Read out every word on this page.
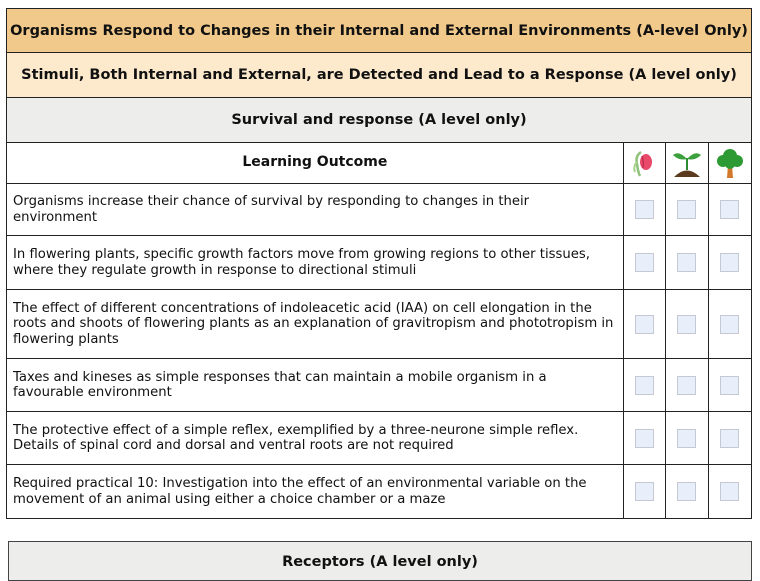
Organisms Respond to Changes in their Internal and External Environments (A-level Only)
Stimuli, Both Internal and External, are Detected and Lead to a Response (A level only)
Survival and response (A level only)
Learning Outcome
Organisms increase their chance of survival by responding to changes in their environment
In flowering plants, specific growth factors move from growing regions to other tissues, where they regulate growth in response to directional stimuli
The effect of different concentrations of indoleacetic acid (IAA) on cell elongation in the roots and shoots of flowering plants as an explanation of gravitropism and phototropism in flowering plants
Taxes and kineses as simple responses that can maintain a mobile organism in a favourable environment
The protective effect of a simple reflex, exemplified by a three-neurone simple reflex. Details of spinal cord and dorsal and ventral roots are not required
Required practical 10: Investigation into the effect of an environmental variable on the movement of an animal using either a choice chamber or a maze
Receptors (A level only)
